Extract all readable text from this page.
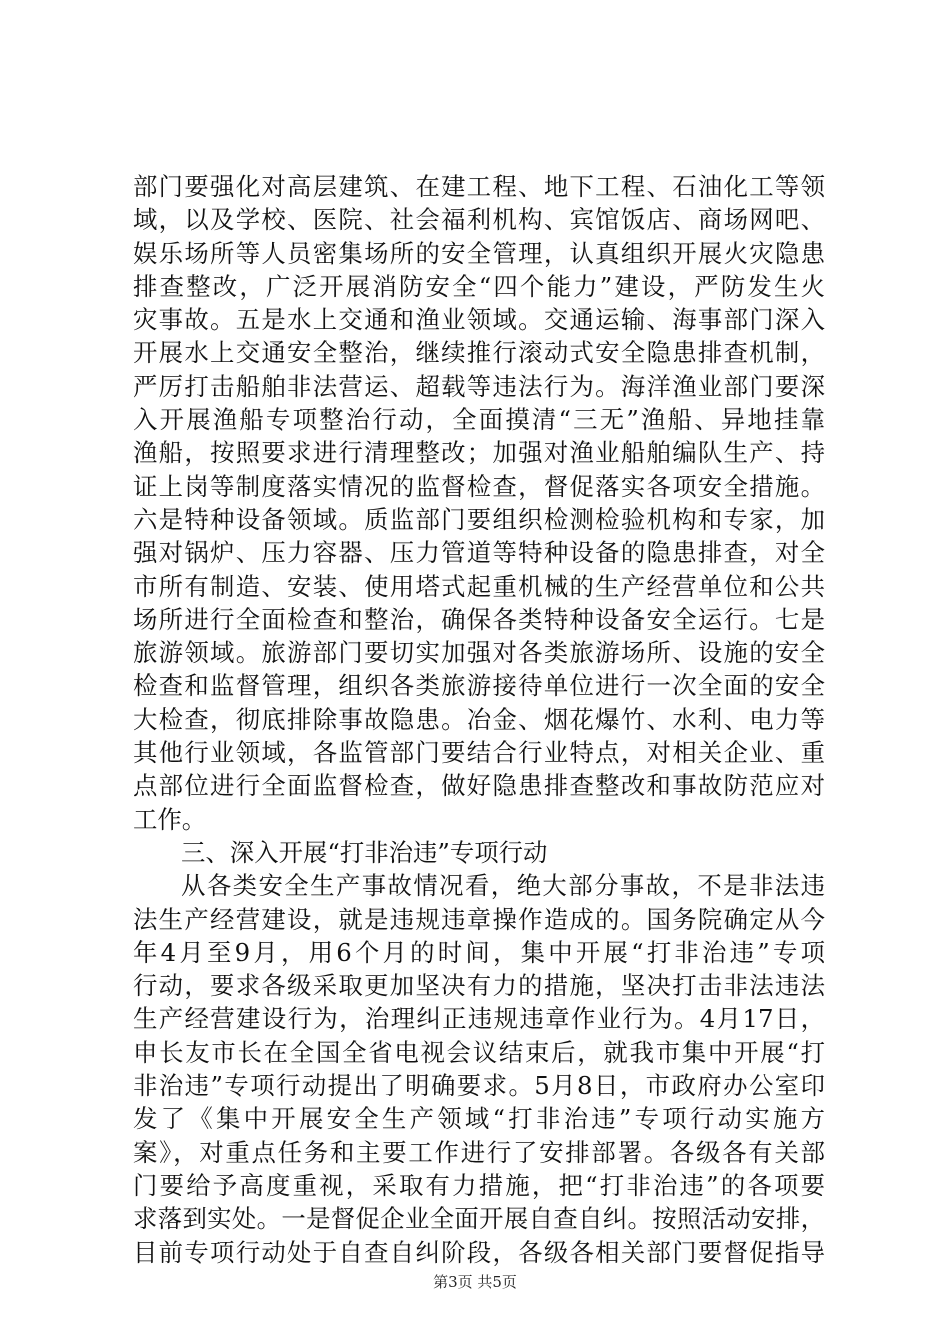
部门要强化对高层建筑、在建工程、地下工程、石油化工等领
域，以及学校、医院、社会福利机构、宾馆饭店、商场网吧、
娱乐场所等人员密集场所的安全管理，认真组织开展火灾隐患
排查整改，广泛开展消防安全“四个能力”建设，严防发生火
灾事故。五是水上交通和渔业领域。交通运输、海事部门深入
开展水上交通安全整治，继续推行滚动式安全隐患排查机制，
严厉打击船舶非法营运、超载等违法行为。海洋渔业部门要深
入开展渔船专项整治行动，全面摸清“三无”渔船、异地挂靠
渔船，按照要求进行清理整改；加强对渔业船舶编队生产、持
证上岗等制度落实情况的监督检查，督促落实各项安全措施。
六是特种设备领域。质监部门要组织检测检验机构和专家，加
强对锅炉、压力容器、压力管道等特种设备的隐患排查，对全
市所有制造、安装、使用塔式起重机械的生产经营单位和公共
场所进行全面检查和整治，确保各类特种设备安全运行。七是
旅游领域。旅游部门要切实加强对各类旅游场所、设施的安全
检查和监督管理，组织各类旅游接待单位进行一次全面的安全
大检查，彻底排除事故隐患。冶金、烟花爆竹、水利、电力等
其他行业领域，各监管部门要结合行业特点，对相关企业、重
点部位进行全面监督检查，做好隐患排查整改和事故防范应对
工作。
三、深入开展“打非治违”专项行动
从各类安全生产事故情况看，绝大部分事故，不是非法违
法生产经营建设，就是违规违章操作造成的。国务院确定从今
年4月至9月，用6个月的时间，集中开展“打非治违”专项
行动，要求各级采取更加坚决有力的措施，坚决打击非法违法
生产经营建设行为，治理纠正违规违章作业行为。4月17日，
申长友市长在全国全省电视会议结束后，就我市集中开展“打
非治违”专项行动提出了明确要求。5月8日，市政府办公室印
发了《集中开展安全生产领域“打非治违”专项行动实施方
案》，对重点任务和主要工作进行了安排部署。各级各有关部
门要给予高度重视，采取有力措施，把“打非治违”的各项要
求落到实处。一是督促企业全面开展自查自纠。按照活动安排，
目前专项行动处于自查自纠阶段，各级各相关部门要督促指导
第3页 共5页
